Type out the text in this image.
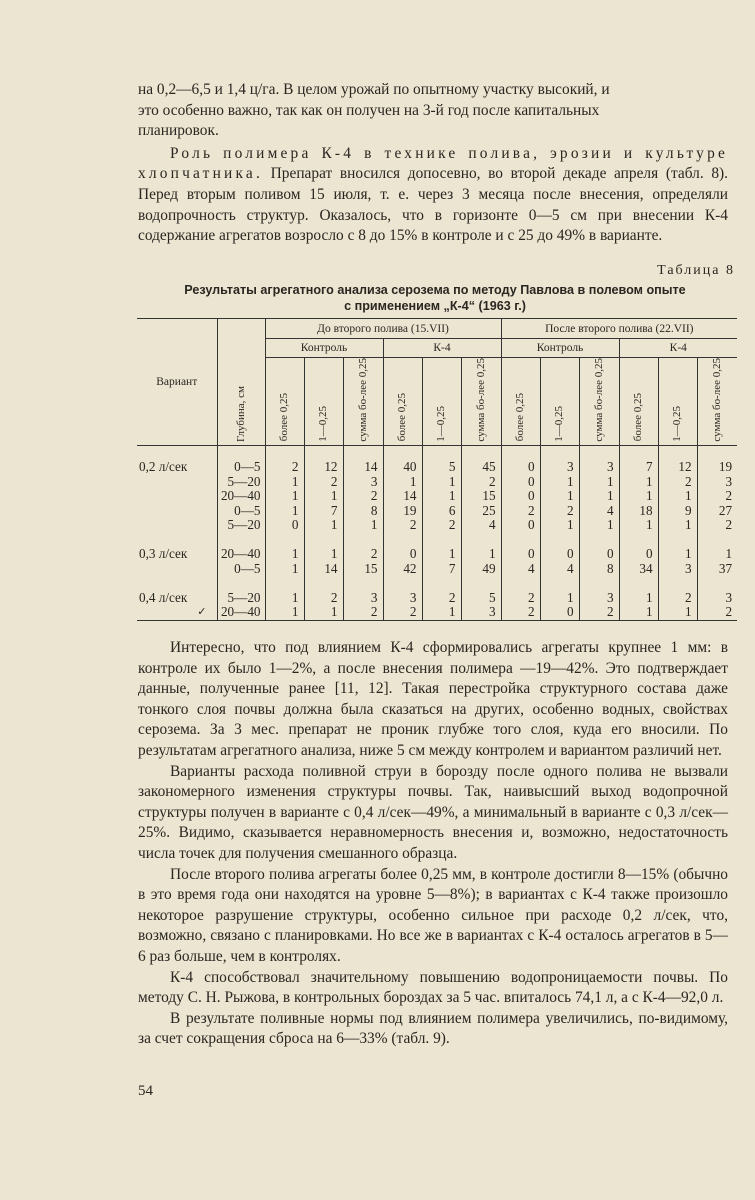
на 0,2—6,5 и 1,4 ц/га. В целом урожай по опытному участку высокий, и

это особенно важно, так как он получен на 3-й год после капитальных

планировок.

Роль полимера К-4 в технике полива, эрозии и культуре хлопчатника. Препарат вносился допосевно, во второй декаде апреля (табл. 8). Перед вторым поливом 15 июля, т. е. через 3 месяца после внесения, определяли водопрочность структур. Оказалось, что в горизонте 0—5 см при внесении К-4 содержание агрегатов возросло с 8 до 15% в контроле и с 25 до 49% в варианте.

Таблица 8
Результаты агрегатного анализа серозема по методу Павлова в полевом опыте
с применением „К-4“ (1963 г.)
Вариант	Глубина, см	До второго полива (15.VII)						После второго полива (22.VII)					
		Контроль			К-4			Контроль			К-4		
		более 0,25	1—0,25	сумма бо-лее 0,25	более 0,25	1—0,25	сумма бо-лее 0,25	более 0,25	1—0,25	сумма бо-лее 0,25	более 0,25	1—0,25	сумма бо-лее 0,25

0,2 л/сек	0—5	2	12	14	40	5	45	0	3	3	7	12	19
	5—20	1	2	3	1	1	2	0	1	1	1	2	3
	20—40	1	1	2	14	1	15	0	1	1	1	1	2
	0—5	1	7	8	19	6	25	2	2	4	18	9	27
	5—20	0	1	1	2	2	4	0	1	1	1	1	2

0,3 л/сек	20—40	1	1	2	0	1	1	0	0	0	0	1	1
	0—5	1	14	15	42	7	49	4	4	8	34	3	37

0,4 л/сек	5—20	1	2	3	3	2	5	2	1	3	1	2	3
✓	20—40	1	1	2	2	1	3	2	0	2	1	1	2

Интересно, что под влиянием К-4 сформировались агрегаты крупнее 1 мм: в контроле их было 1—2%, а после внесения полимера —19—42%. Это подтверждает данные, полученные ранее [11, 12]. Такая перестройка структурного состава даже тонкого слоя почвы должна была сказаться на других, особенно водных, свойствах серозема. За 3 мес. препарат не проник глубже того слоя, куда его вносили. По результатам агрегатного анализа, ниже 5 см между контролем и вариантом различий нет.

Варианты расхода поливной струи в борозду после одного полива не вызвали закономерного изменения структуры почвы. Так, наивысший выход водопрочной структуры получен в варианте с 0,4 л/сек—49%, а минимальный в варианте с 0,3 л/сек—25%. Видимо, сказывается неравномерность внесения и, возможно, недостаточность числа точек для получения смешанного образца.

После второго полива агрегаты более 0,25 мм, в контроле достигли 8—15% (обычно в это время года они находятся на уровне 5—8%); в вариантах с К-4 также произошло некоторое разрушение структуры, особенно сильное при расходе 0,2 л/сек, что, возможно, связано с планировками. Но все же в вариантах с К-4 осталось агрегатов в 5—6 раз больше, чем в контролях.

К-4 способствовал значительному повышению водопроницаемости почвы. По методу С. Н. Рыжова, в контрольных бороздах за 5 час. впиталось 74,1 л, а с К-4—92,0 л.

В результате поливные нормы под влиянием полимера увеличились, по-видимому, за счет сокращения сброса на 6—33% (табл. 9).

54
